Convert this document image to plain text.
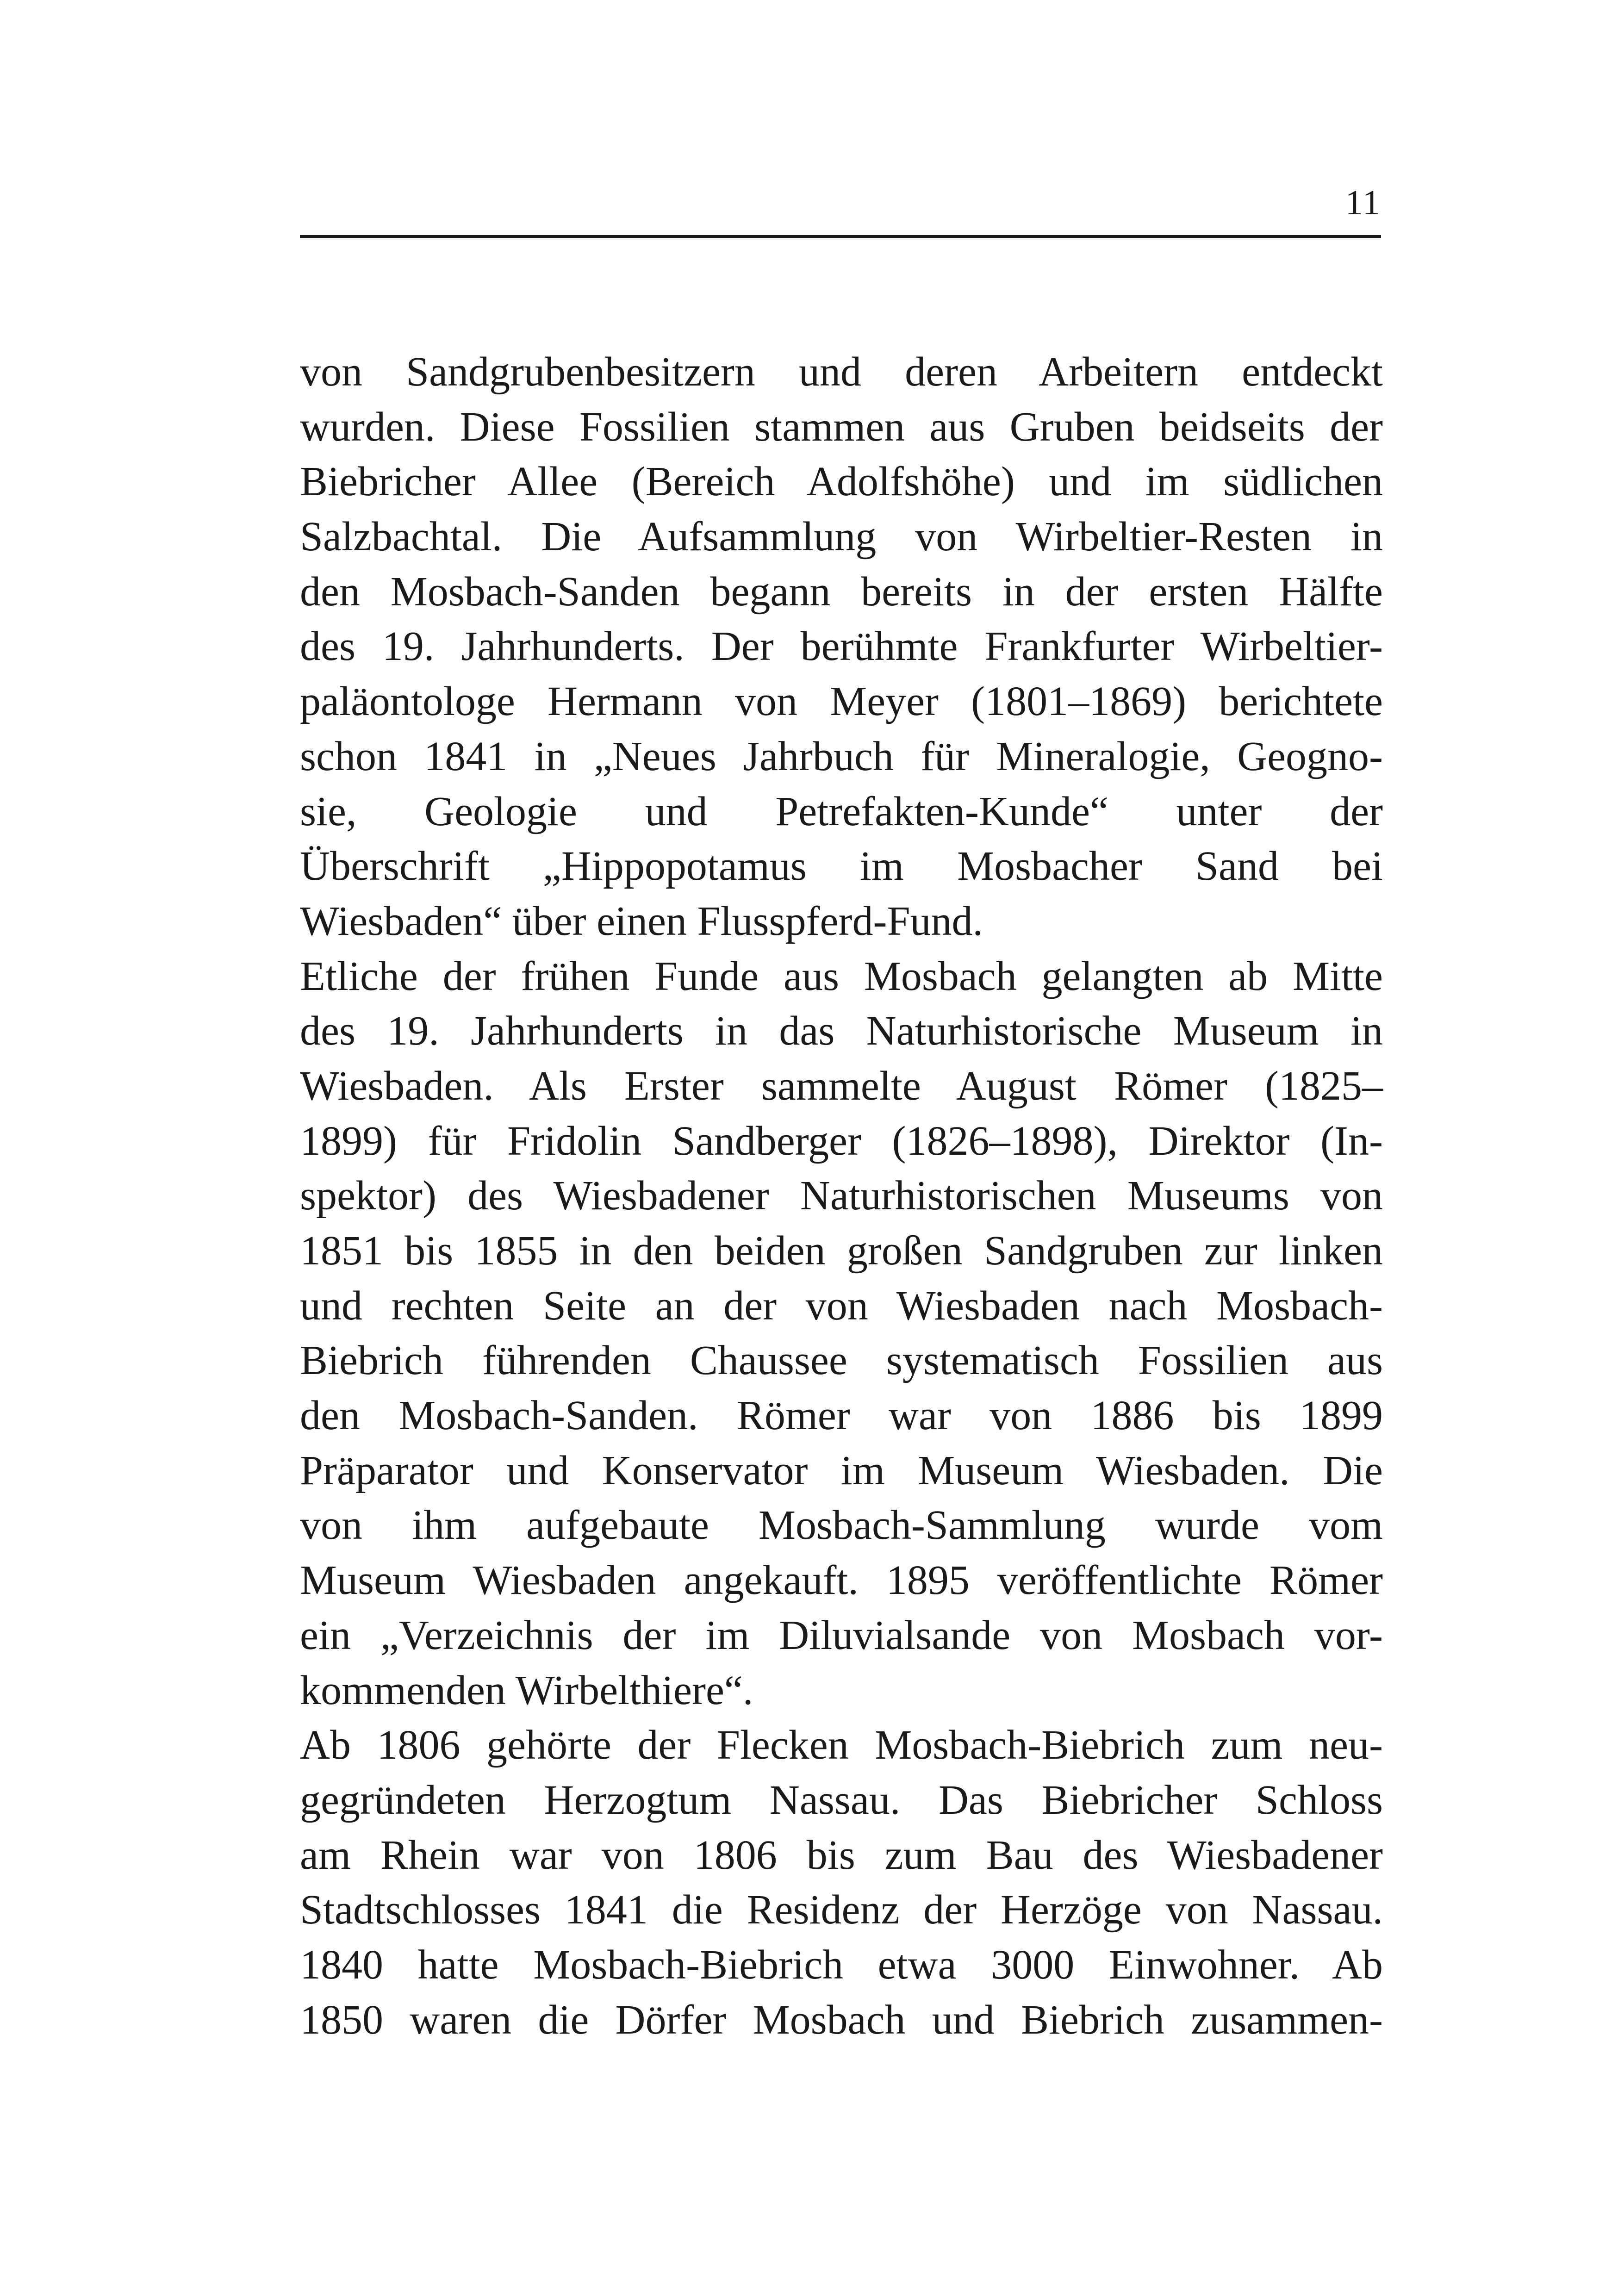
11
von Sandgrubenbesitzern und deren Arbeitern entdeckt
wurden. Diese Fossilien stammen aus Gruben beidseits der
Biebricher Allee (Bereich Adolfshöhe) und im südlichen
Salzbachtal. Die Aufsammlung von Wirbeltier-Resten in
den Mosbach-Sanden begann bereits in der ersten Hälfte
des 19. Jahrhunderts. Der berühmte Frankfurter Wirbeltier-
paläontologe Hermann von Meyer (1801–1869) berichtete
schon 1841 in „Neues Jahrbuch für Mineralogie, Geogno-
sie, Geologie und Petrefakten-Kunde“ unter der
Überschrift „Hippopotamus im Mosbacher Sand bei
Wiesbaden“ über einen Flusspferd-Fund.
Etliche der frühen Funde aus Mosbach gelangten ab Mitte
des 19. Jahrhunderts in das Naturhistorische Museum in
Wiesbaden. Als Erster sammelte August Römer (1825–
1899) für Fridolin Sandberger (1826–1898), Direktor (In-
spektor) des Wiesbadener Naturhistorischen Museums von
1851 bis 1855 in den beiden großen Sandgruben zur linken
und rechten Seite an der von Wiesbaden nach Mosbach-
Biebrich führenden Chaussee systematisch Fossilien aus
den Mosbach-Sanden. Römer war von 1886 bis 1899
Präparator und Konservator im Museum Wiesbaden. Die
von ihm aufgebaute Mosbach-Sammlung wurde vom
Museum Wiesbaden angekauft. 1895 veröffentlichte Römer
ein „Verzeichnis der im Diluvialsande von Mosbach vor-
kommenden Wirbelthiere“.
Ab 1806 gehörte der Flecken Mosbach-Biebrich zum neu-
gegründeten Herzogtum Nassau. Das Biebricher Schloss
am Rhein war von 1806 bis zum Bau des Wiesbadener
Stadtschlosses 1841 die Residenz der Herzöge von Nassau.
1840 hatte Mosbach-Biebrich etwa 3000 Einwohner. Ab
1850 waren die Dörfer Mosbach und Biebrich zusammen-
